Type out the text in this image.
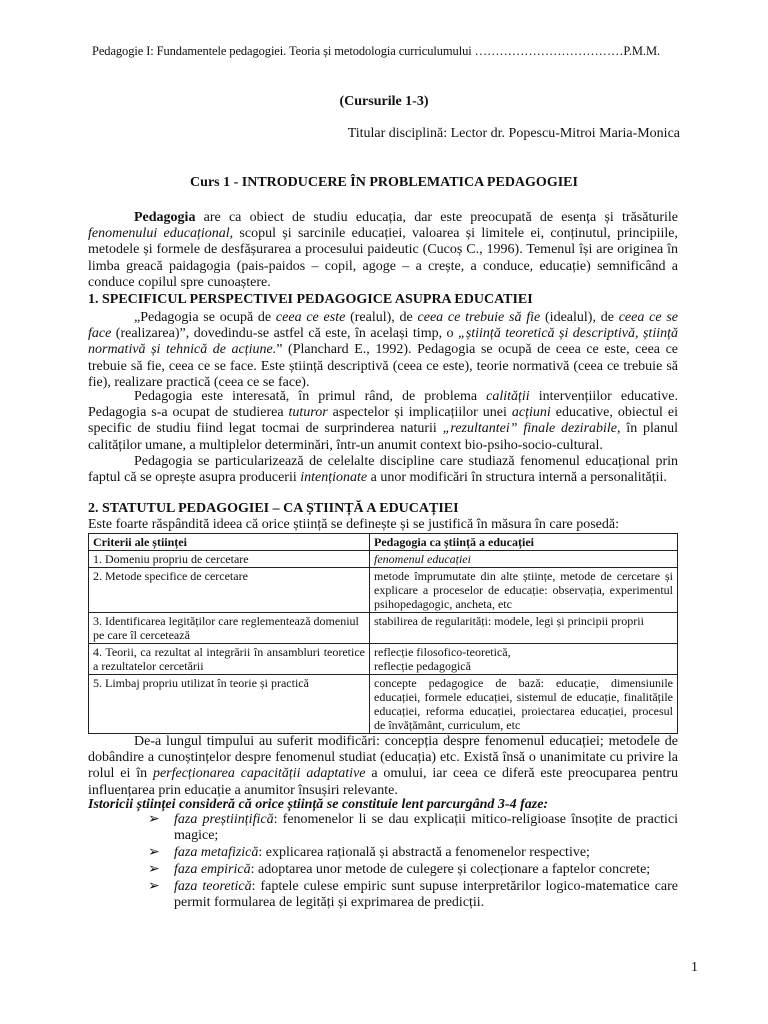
Pedagogie I: Fundamentele pedagogiei. Teoria și metodologia curriculumului ………………………………P.M.M.
(Cursurile 1-3)
Titular disciplină: Lector dr. Popescu-Mitroi Maria-Monica
Curs 1 - INTRODUCERE ÎN PROBLEMATICA PEDAGOGIEI
Pedagogia are ca obiect de studiu educația, dar este preocupată de esența și trăsăturile fenomenului educațional, scopul și sarcinile educației, valoarea și limitele ei, conținutul, principiile, metodele și formele de desfășurarea a procesului paideutic (Cucoș C., 1996). Temenul își are originea în limba greacă paidagogia (pais-paidos – copil, agoge – a crește, a conduce, educație) semnificând a conduce copilul spre cunoaștere.
1. SPECIFICUL PERSPECTIVEI PEDAGOGICE ASUPRA EDUCATIEI
„Pedagogia se ocupă de ceea ce este (realul), de ceea ce trebuie să fie (idealul), de ceea ce se face (realizarea)”, dovedindu-se astfel că este, în același timp, o „știință teoretică și descriptivă, știință normativă și tehnică de acțiune.” (Planchard E., 1992). Pedagogia se ocupă de ceea ce este, ceea ce trebuie să fie, ceea ce se face. Este știință descriptivă (ceea ce este), teorie normativă (ceea ce trebuie să fie), realizare practică (ceea ce se face).
Pedagogia este interesată, în primul rând, de problema calității intervențiilor educative. Pedagogia s-a ocupat de studierea tuturor aspectelor și implicațiilor unei acțiuni educative, obiectul ei specific de studiu fiind legat tocmai de surprinderea naturii „rezultantei” finale dezirabile, în planul calităților umane, a multiplelor determinări, într-un anumit context bio-psiho-socio-cultural.
Pedagogia se particularizează de celelalte discipline care studiază fenomenul educațional prin faptul că se oprește asupra producerii intenționate a unor modificări în structura internă a personalității.
2. STATUTUL PEDAGOGIEI – CA ȘTIINȚĂ A EDUCAȚIEI
Este foarte răspândită ideea că orice știință se definește și se justifică în măsura în care posedă:
Criterii ale științei	Pedagogia ca știință a educației
1. Domeniu propriu de cercetare	fenomenul educației
2. Metode specifice de cercetare	metode împrumutate din alte științe, metode de cercetare și explicare a proceselor de educație: observația, experimentul psihopedagogic, ancheta, etc
3. Identificarea legităților care reglementează domeniul pe care îl cercetează	stabilirea de regularități: modele, legi și principii proprii
4. Teorii, ca rezultat al integrării în ansambluri teoretice a rezultatelor cercetării	reflecție filosofico-teoretică,
reflecție pedagogică
5. Limbaj propriu utilizat în teorie și practică	concepte pedagogice de bază: educație, dimensiunile educației, formele educației, sistemul de educație, finalitățile educației, reforma educației, proiectarea educației, procesul de învățământ, curriculum, etc
De-a lungul timpului au suferit modificări: concepția despre fenomenul educației; metodele de dobândire a cunoștințelor despre fenomenul studiat (educația) etc. Există însă o unanimitate cu privire la rolul ei în perfecționarea capacității adaptative a omului, iar ceea ce diferă este preocuparea pentru influențarea prin educație a anumitor însușiri relevante.
Istoricii științei consideră că orice știință se constituie lent parcurgând 3-4 faze:
➢ faza preștiințifică: fenomenelor li se dau explicații mitico-religioase însoțite de practici magice;
➢ faza metafizică: explicarea rațională și abstractă a fenomenelor respective;
➢ faza empirică: adoptarea unor metode de culegere și colecționare a faptelor concrete;
➢ faza teoretică: faptele culese empiric sunt supuse interpretărilor logico-matematice care permit formularea de legități și exprimarea de predicții.
1
